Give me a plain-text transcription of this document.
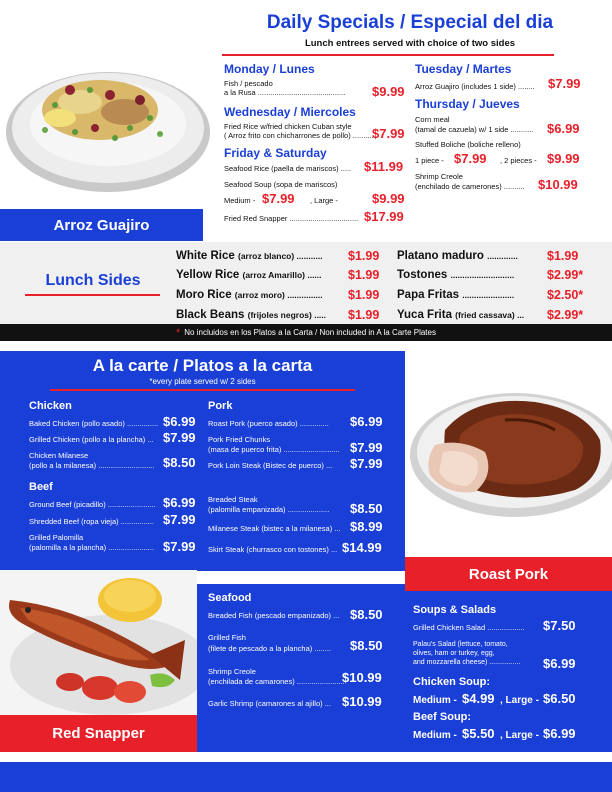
Daily Specials / Especial del dia
Lunch entrees served with choice of two sides
Arroz Guajiro
Monday / Lunes
Fish / pescado
a la Rusa .......................................... $9.99
Wednesday / Miercoles
Fried Rice w/fried chicken Cuban style
( Arroz frito con chicharrones de pollo) ..........
$7.99
Friday & Saturday
Seafood Rice (paella de mariscos) ..... $11.99
Seafood Soup (sopa de mariscos)
Medium - $7.99 , Large -	$9.99
Fried Red Snapper ................................. $17.99
Tuesday / Martes
Arroz Guajiro (includes 1 side) ........ $7.99
Thursday / Jueves
Corn meal
(tamal de cazuela) w/ 1 side ........... $6.99
Stuffed Boliche (boliche relleno)
1 piece - $7.99 , 2 pieces - $9.99
Shrimp Creole
(enchilado de camerones) .......... $10.99
Lunch Sides
White Rice (arroz blanco) ........... $1.99
Yellow Rice (arroz Amarillo) ...... $1.99
Moro Rice (arroz moro) ............... $1.99
Black Beans (frijoles negros) ..... $1.99
Platano maduro ............. $1.99
Tostones ...........................	$2.99*
Papa Fritas ......................	$2.50*
Yuca Frita (fried cassava) ... $2.99*
* No incluidos en los Platos a la Carta / Non included in A la Carte Plates
A la carte / Platos a la carta
*every plate served w/ 2 sides
Chicken
Baked Chicken (pollo asado) ............... $6.99
Grilled Chicken (pollo a la plancha) ... $7.99
Chicken Milanese
(pollo a la milanesa) ........................... $8.50
Beef
Ground Beef (picadillo) ....................... $6.99
Shredded Beef (ropa vieja) ................ $7.99
Grilled Palomilla
(palomilla a la plancha) ...................... $7.99
Pork
Roast Pork (puerco asado) .............. $6.99
Pork Fried Chunks
(masa de puerco frita) ........................... $7.99
Pork Loin Steak (Bistec de puerco) ... $7.99
Breaded Steak
(palomilla empanizada) .................... $8.50
Milanese Steak (bistec a la milanesa) ... $8.99
Skirt Steak (churrasco con tostones) ... $14.99
Roast Pork
Red Snapper
Seafood
Breaded Fish (pescado empanizado) ... $8.50
Grilled Fish
(filete de pescado a la plancha) ........ $8.50
Shrimp Creole
(enchilada de camarones) .......................
$10.99
Garlic Shrimp (camarones al ajillo) ... $10.99
Soups & Salads
Grilled Chicken Salad .................. $7.50
Palau's Salad (lettuce, tomato,
olives, ham or turkey, egg,
and mozzarella cheese) ................ $6.99
Chicken Soup:
Medium - $4.99 , Large - $6.50
Beef Soup:
Medium - $5.50 , Large - $6.99
